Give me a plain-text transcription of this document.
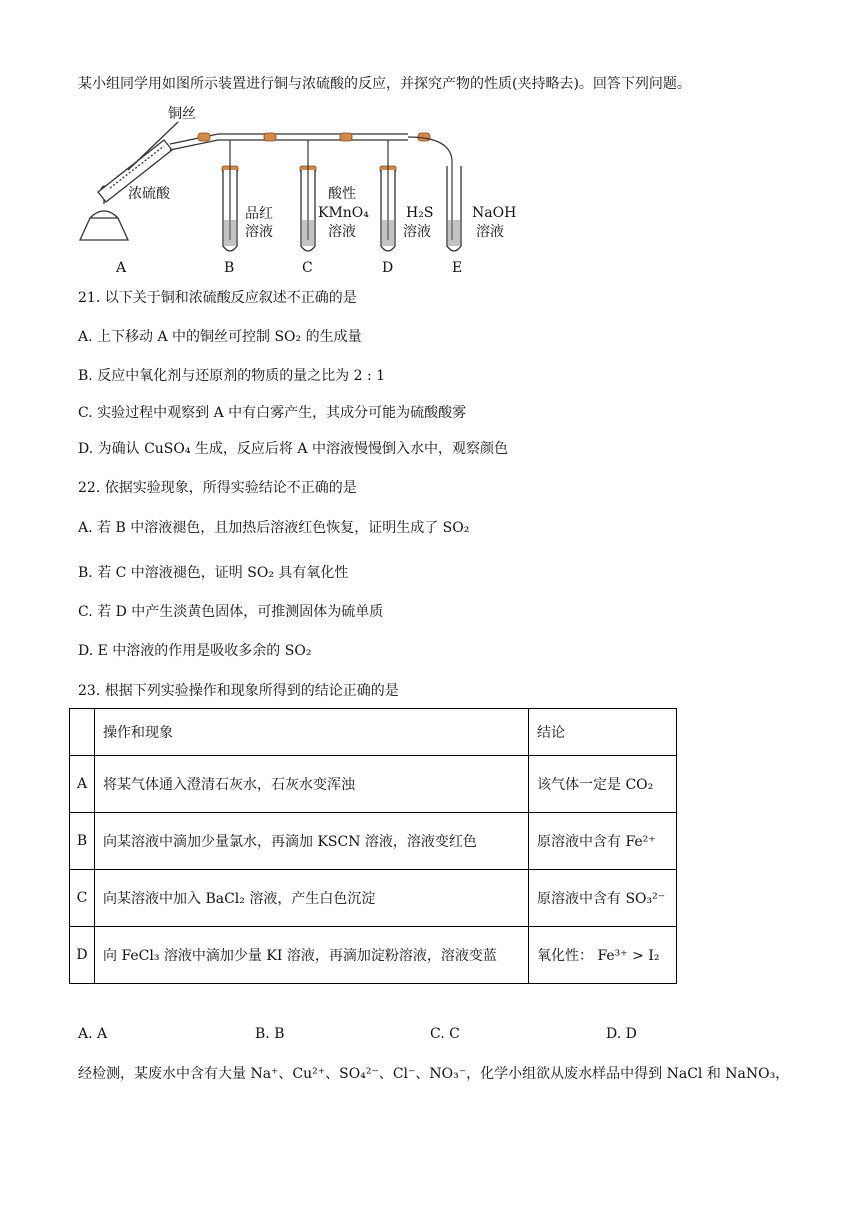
某小组同学用如图所示装置进行铜与浓硫酸的反应，并探究产物的性质(夹持略去)。回答下列问题。
铜丝
浓硫酸
品红
溶液
酸性
KMnO₄
溶液
H₂S
溶液
NaOH
溶液
A	B	C	D	E
21. 以下关于铜和浓硫酸反应叙述不正确的是
A. 上下移动 A 中的铜丝可控制 SO₂ 的生成量
B. 反应中氧化剂与还原剂的物质的量之比为 2 : 1
C. 实验过程中观察到 A 中有白雾产生，其成分可能为硫酸酸雾
D. 为确认 CuSO₄ 生成，反应后将 A 中溶液慢慢倒入水中，观察颜色
22. 依据实验现象，所得实验结论不正确的是
A. 若 B 中溶液褪色，且加热后溶液红色恢复，证明生成了 SO₂
B. 若 C 中溶液褪色，证明 SO₂ 具有氧化性
C. 若 D 中产生淡黄色固体，可推测固体为硫单质
D. E 中溶液的作用是吸收多余的 SO₂
23. 根据下列实验操作和现象所得到的结论正确的是
	操作和现象	结论
A	将某气体通入澄清石灰水，石灰水变浑浊	该气体一定是 CO₂
B	向某溶液中滴加少量氯水，再滴加 KSCN 溶液，溶液变红色	原溶液中含有 Fe²⁺
C	向某溶液中加入 BaCl₂ 溶液，产生白色沉淀	原溶液中含有 SO₃²⁻
D	向 FeCl₃ 溶液中滴加少量 KI 溶液，再滴加淀粉溶液，溶液变蓝	氧化性： Fe³⁺ > I₂
A. A	B. B	C. C	D. D
经检测，某废水中含有大量 Na⁺、Cu²⁺、SO₄²⁻、Cl⁻、NO₃⁻，化学小组欲从废水样品中得到 NaCl 和 NaNO₃，
